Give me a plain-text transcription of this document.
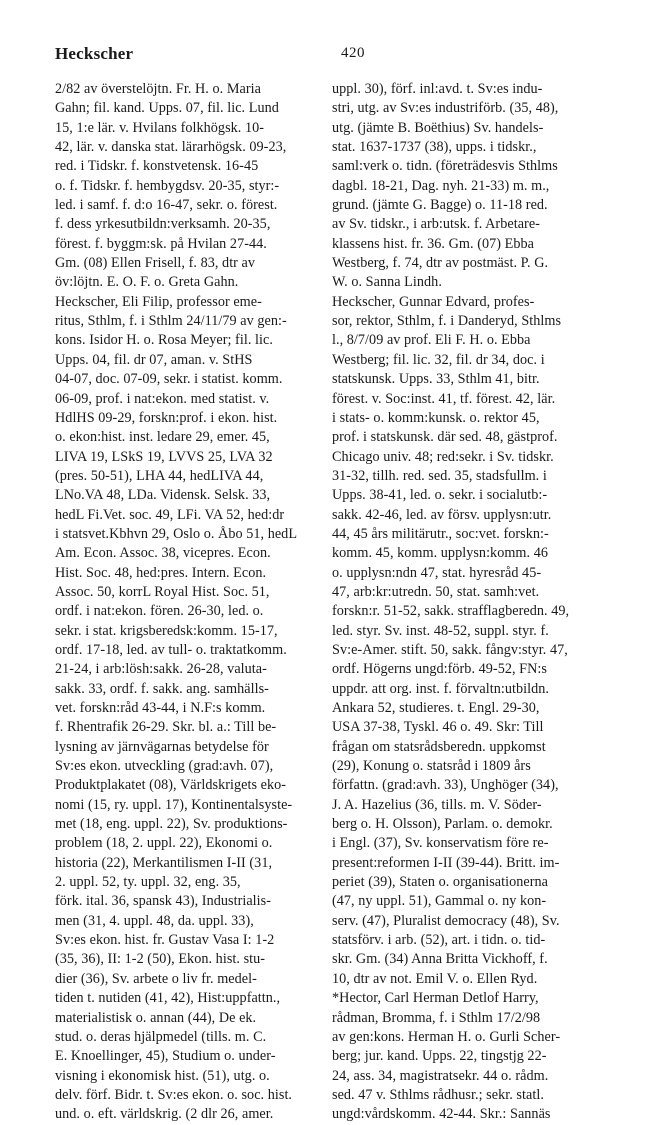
Heckscher	420
2/82 av överstelöjtn. Fr. H. o. Maria
Gahn; fil. kand. Upps. 07, fil. lic. Lund
15, 1:e lär. v. Hvilans folkhögsk. 10-
42, lär. v. danska stat. lärarhögsk. 09-23,
red. i Tidskr. f. konstvetensk. 16-45
o. f. Tidskr. f. hembygdsv. 20-35, styr:-
led. i samf. f. d:o 16-47, sekr. o. förest.
f. dess yrkesutbildn:verksamh. 20-35,
förest. f. byggm:sk. på Hvilan 27-44.
Gm. (08) Ellen Frisell, f. 83, dtr av
öv:löjtn. E. O. F. o. Greta Gahn.
Heckscher, Eli Filip, professor eme-
ritus, Sthlm, f. i Sthlm 24/11/79 av gen:-
kons. Isidor H. o. Rosa Meyer; fil. lic.
Upps. 04, fil. dr 07, aman. v. StHS
04-07, doc. 07-09, sekr. i statist. komm.
06-09, prof. i nat:ekon. med statist. v.
HdlHS 09-29, forskn:prof. i ekon. hist.
o. ekon:hist. inst. ledare 29, emer. 45,
LIVA 19, LSkS 19, LVVS 25, LVA 32
(pres. 50-51), LHA 44, hedLIVA 44,
LNo.VA 48, LDa. Vidensk. Selsk. 33,
hedL Fi.Vet. soc. 49, LFi. VA 52, hed:dr
i statsvet.Kbhvn 29, Oslo o. Åbo 51, hedL
Am. Econ. Assoc. 38, vicepres. Econ.
Hist. Soc. 48, hed:pres. Intern. Econ.
Assoc. 50, korrL Royal Hist. Soc. 51,
ordf. i nat:ekon. fören. 26-30, led. o.
sekr. i stat. krigsberedsk:komm. 15-17,
ordf. 17-18, led. av tull- o. traktatkomm.
21-24, i arb:lösh:sakk. 26-28, valuta-
sakk. 33, ordf. f. sakk. ang. samhälls-
vet. forskn:råd 43-44, i N.F:s komm.
f. Rhentrafik 26-29. Skr. bl. a.: Till be-
lysning av järnvägarnas betydelse för
Sv:es ekon. utveckling (grad:avh. 07),
Produktplakatet (08), Världskrigets eko-
nomi (15, ry. uppl. 17), Kontinentalsyste-
met (18, eng. uppl. 22), Sv. produktions-
problem (18, 2. uppl. 22), Ekonomi o.
historia (22), Merkantilismen I-II (31,
2. uppl. 52, ty. uppl. 32, eng. 35,
förk. ital. 36, spansk 43), Industrialis-
men (31, 4. uppl. 48, da. uppl. 33),
Sv:es ekon. hist. fr. Gustav Vasa I: 1-2
(35, 36), II: 1-2 (50), Ekon. hist. stu-
dier (36), Sv. arbete o liv fr. medel-
tiden t. nutiden (41, 42), Hist:uppfattn.,
materialistisk o. annan (44), De ek.
stud. o. deras hjälpmedel (tills. m. C.
E. Knoellinger, 45), Studium o. under-
visning i ekonomisk hist. (51), utg. o.
delv. förf. Bidr. t. Sv:es ekon. o. soc. hist.
und. o. eft. världskrig. (2 dlr 26, amer.
uppl. 30), förf. inl:avd. t. Sv:es indu-
stri, utg. av Sv:es industriförb. (35, 48),
utg. (jämte B. Boëthius) Sv. handels-
stat. 1637-1737 (38), upps. i tidskr.,
saml:verk o. tidn. (företrädesvis Sthlms
dagbl. 18-21, Dag. nyh. 21-33) m. m.,
grund. (jämte G. Bagge) o. 11-18 red.
av Sv. tidskr., i arb:utsk. f. Arbetare-
klassens hist. fr. 36. Gm. (07) Ebba
Westberg, f. 74, dtr av postmäst. P. G.
W. o. Sanna Lindh.
Heckscher, Gunnar Edvard, profes-
sor, rektor, Sthlm, f. i Danderyd, Sthlms
l., 8/7/09 av prof. Eli F. H. o. Ebba
Westberg; fil. lic. 32, fil. dr 34, doc. i
statskunsk. Upps. 33, Sthlm 41, bitr.
förest. v. Soc:inst. 41, tf. förest. 42, lär.
i stats- o. komm:kunsk. o. rektor 45,
prof. i statskunsk. där sed. 48, gästprof.
Chicago univ. 48; red:sekr. i Sv. tidskr.
31-32, tillh. red. sed. 35, stadsfullm. i
Upps. 38-41, led. o. sekr. i socialutb:-
sakk. 42-46, led. av försv. upplysn:utr.
44, 45 års militärutr., soc:vet. forskn:-
komm. 45, komm. upplysn:komm. 46
o. upplysn:ndn 47, stat. hyresråd 45-
47, arb:kr:utredn. 50, stat. samh:vet.
forskn:r. 51-52, sakk. strafflagberedn. 49,
led. styr. Sv. inst. 48-52, suppl. styr. f.
Sv:e-Amer. stift. 50, sakk. fångv:styr. 47,
ordf. Högerns ungd:förb. 49-52, FN:s
uppdr. att org. inst. f. förvaltn:utbildn.
Ankara 52, studieres. t. Engl. 29-30,
USA 37-38, Tyskl. 46 o. 49. Skr: Till
frågan om statsrådsberedn. uppkomst
(29), Konung o. statsråd i 1809 års
författn. (grad:avh. 33), Unghöger (34),
J. A. Hazelius (36, tills. m. V. Söder-
berg o. H. Olsson), Parlam. o. demokr.
i Engl. (37), Sv. konservatism före re-
present:reformen I-II (39-44). Britt. im-
periet (39), Staten o. organisationerna
(47, ny uppl. 51), Gammal o. ny kon-
serv. (47), Pluralist democracy (48), Sv.
statsförv. i arb. (52), art. i tidn. o. tid-
skr. Gm. (34) Anna Britta Vickhoff, f.
10, dtr av not. Emil V. o. Ellen Ryd.
*Hector, Carl Herman Detlof Harry,
rådman, Bromma, f. i Sthlm 17/2/98
av gen:kons. Herman H. o. Gurli Scher-
berg; jur. kand. Upps. 22, tingstjg 22-
24, ass. 34, magistratsekr. 44 o. rådm.
sed. 47 v. Sthlms rådhusr.; sekr. statl.
ungd:vårdskomm. 42-44. Skr.: Sannäs
